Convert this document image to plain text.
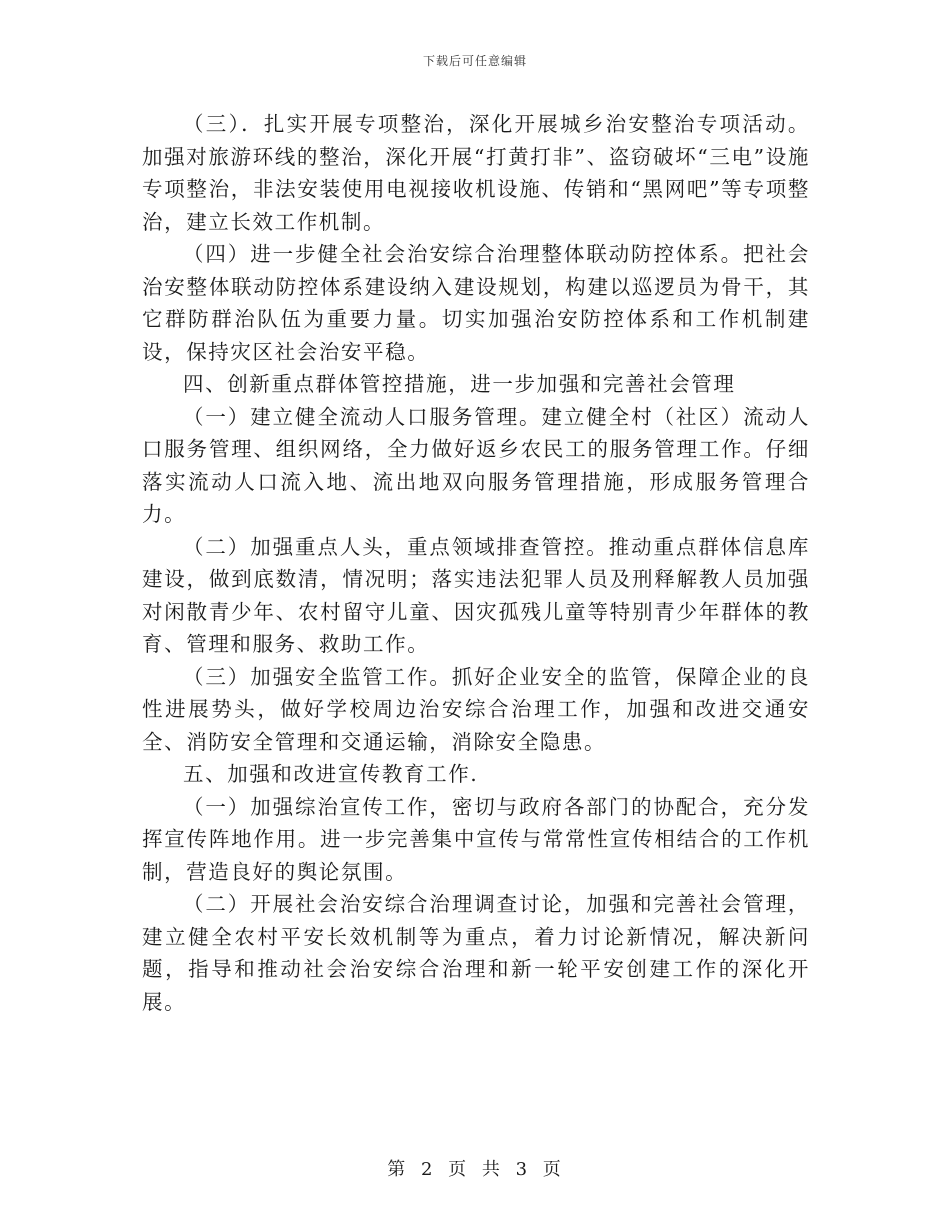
下载后可任意编辑

（三）．扎实开展专项整治，深化开展城乡治安整治专项活动。加强对旅游环线的整治，深化开展“打黄打非”、盗窃破坏“三电”设施专项整治，非法安装使用电视接收机设施、传销和“黑网吧”等专项整治，建立长效工作机制。

（四）进一步健全社会治安综合治理整体联动防控体系。把社会治安整体联动防控体系建设纳入建设规划，构建以巡逻员为骨干，其它群防群治队伍为重要力量。切实加强治安防控体系和工作机制建设，保持灾区社会治安平稳。

四、创新重点群体管控措施，进一步加强和完善社会管理

（一）建立健全流动人口服务管理。建立健全村（社区）流动人口服务管理、组织网络，全力做好返乡农民工的服务管理工作。仔细落实流动人口流入地、流出地双向服务管理措施，形成服务管理合力。

（二）加强重点人头，重点领域排查管控。推动重点群体信息库建设，做到底数清，情况明；落实违法犯罪人员及刑释解教人员加强对闲散青少年、农村留守儿童、因灾孤残儿童等特别青少年群体的教育、管理和服务、救助工作。

（三）加强安全监管工作。抓好企业安全的监管，保障企业的良性进展势头，做好学校周边治安综合治理工作，加强和改进交通安全、消防安全管理和交通运输，消除安全隐患。

五、加强和改进宣传教育工作.

（一）加强综治宣传工作，密切与政府各部门的协配合，充分发挥宣传阵地作用。进一步完善集中宣传与常常性宣传相结合的工作机制，营造良好的舆论氛围。

（二）开展社会治安综合治理调查讨论，加强和完善社会管理，建立健全农村平安长效机制等为重点，着力讨论新情况，解决新问题，指导和推动社会治安综合治理和新一轮平安创建工作的深化开展。

第 2 页 共 3 页
